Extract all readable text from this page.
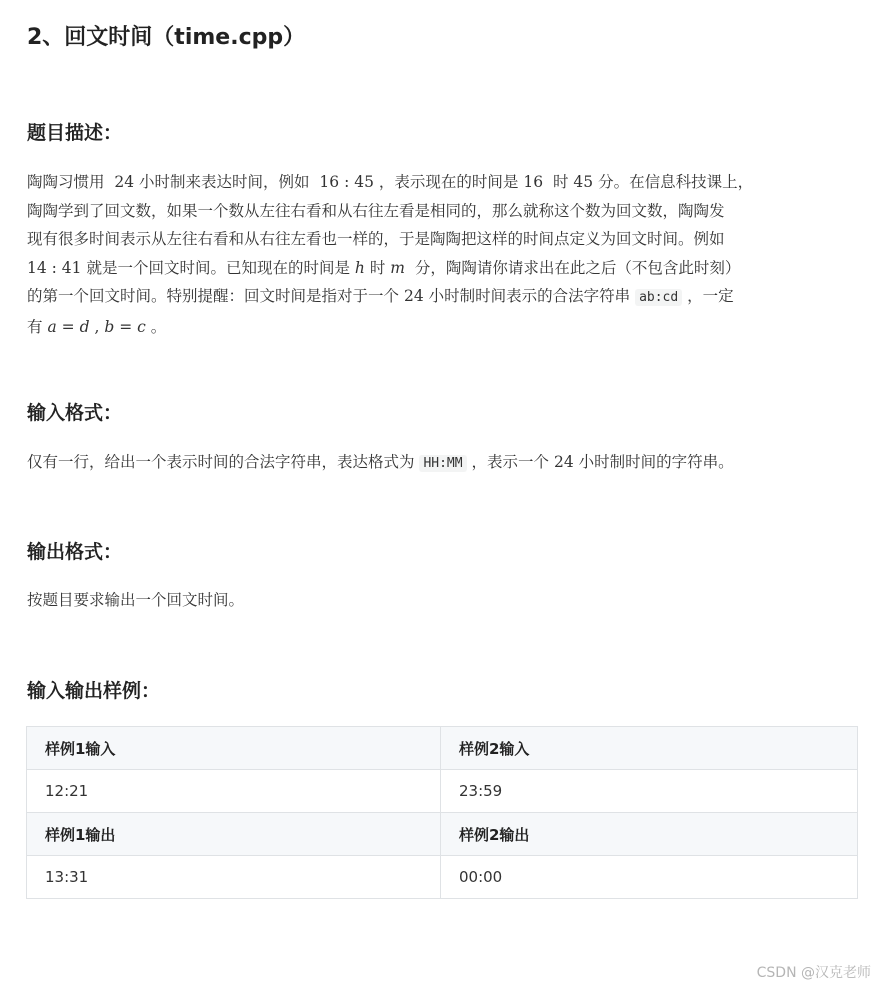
2、回文时间（time.cpp）
题目描述：
陶陶习惯用 24 小时制来表达时间，例如 16 : 45 ，表示现在的时间是 16 时 45 分。在信息科技课上，
陶陶学到了回文数，如果一个数从左往右看和从右往左看是相同的，那么就称这个数为回文数，陶陶发
现有很多时间表示从左往右看和从右往左看也一样的，于是陶陶把这样的时间点定义为回文时间。例如
14 : 41 就是一个回文时间。已知现在的时间是 h 时 m 分，陶陶请你请求出在此之后（不包含此时刻）
的第一个回文时间。特别提醒：回文时间是指对于一个 24 小时制时间表示的合法字符串 ab:cd ，一定
有 a = d , b = c 。
输入格式：
仅有一行，给出一个表示时间的合法字符串，表达格式为 HH:MM ，表示一个 24 小时制时间的字符串。
输出格式：
按题目要求输出一个回文时间。
输入输出样例：
样例1输入	样例2输入
12:21	23:59
样例1输出	样例2输出
13:31	00:00
CSDN @汉克老师
